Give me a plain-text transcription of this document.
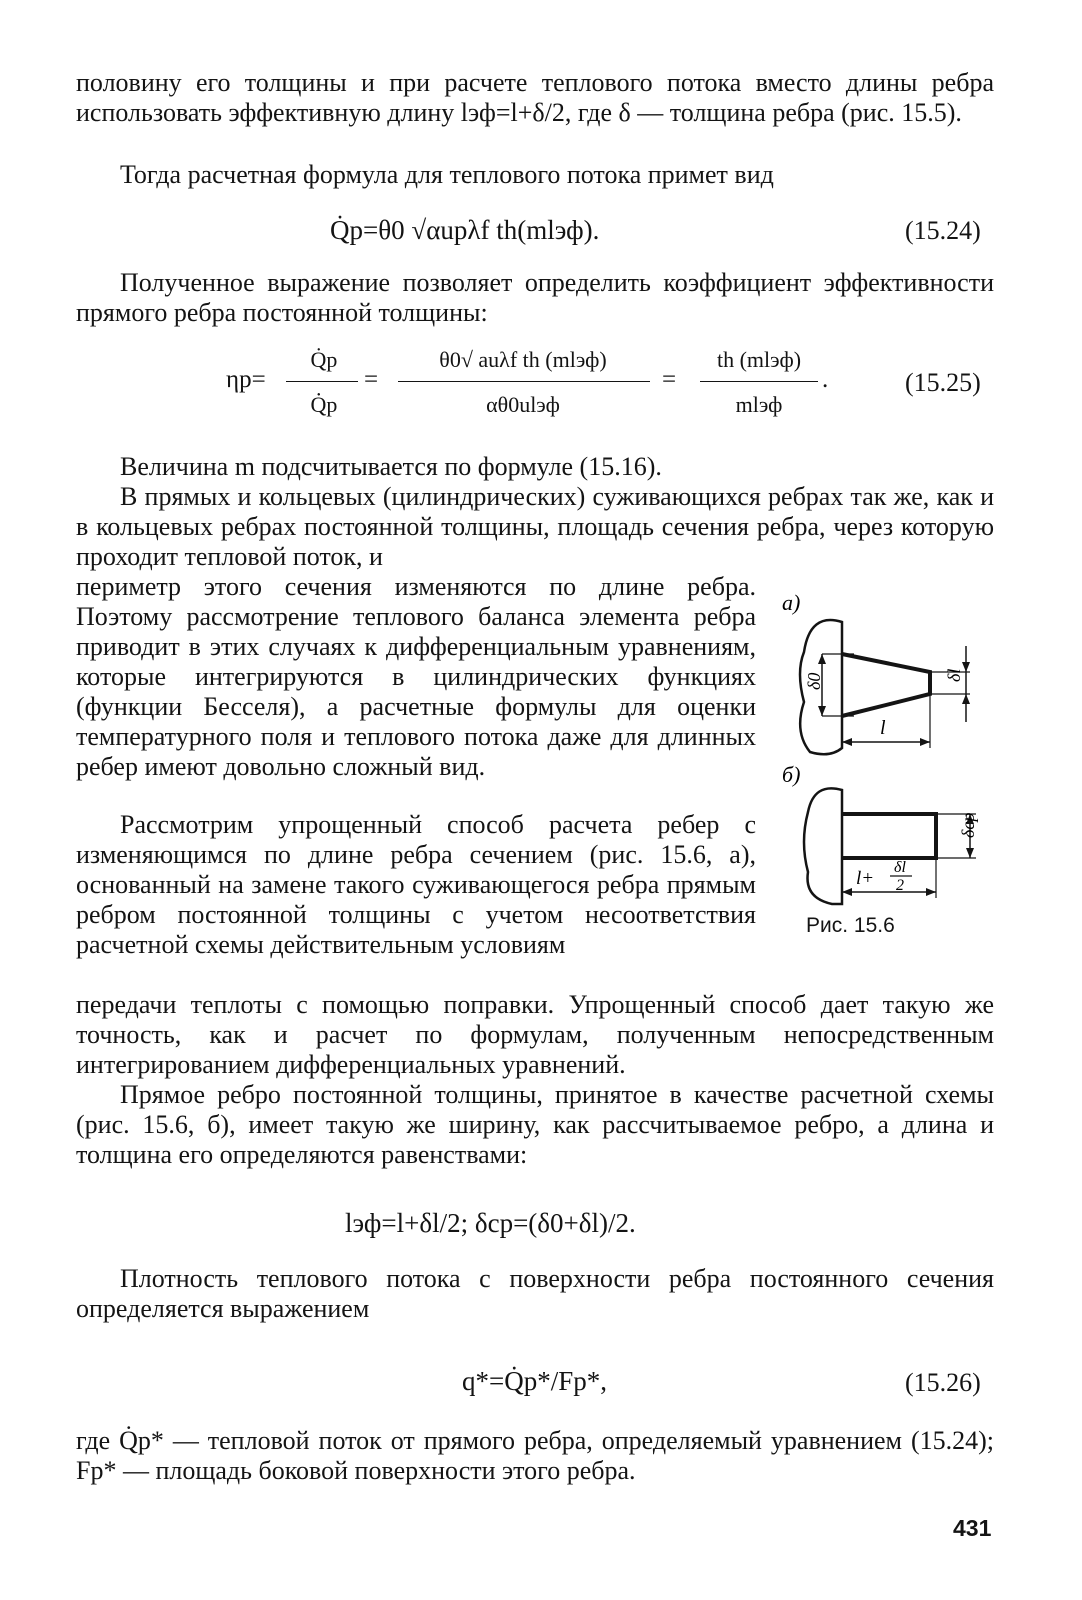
половину его толщины и при расчете теплового потока вместо длины ребра использовать эффективную длину lэф=l+δ/2, где δ — толщина ребра (рис. 15.5).
Тогда расчетная формула для теплового потока примет вид
Q̇р=θ0 √αupλf th(mlэф).	(15.24)
Полученное выражение позволяет определить коэффициент эффективности прямого ребра постоянной толщины:
ηр=
Q̇р
Q̇̇р
=
θ0√ auλf th (mlэф)
αθ0ulэф
=
th (mlэф)
mlэф
.	(15.25)
Величина m подсчитывается по формуле (15.16).
В прямых и кольцевых (цилиндрических) суживающихся ребрах так же, как и в кольцевых ребрах постоянной толщины, площадь сечения ребра, через которую проходит тепловой поток, и
периметр этого сечения изменяются по длине ребра. Поэтому рассмотрение теплового баланса элемента ребра приводит в этих случаях к дифференциальным уравнениям, которые интегрируются в цилиндрических функциях (функции Бесселя), а расчетные формулы для оценки температурного поля и теплового потока даже для длинных ребер имеют довольно сложный вид.
Рассмотрим упрощенный способ расчета ребер с изменяющимся по длине ребра сечением (рис. 15.6, а), основанный на замене такого суживающегося ребра прямым ребром постоянной толщины с учетом несоответствия расчетной схемы действительным условиям
передачи теплоты с помощью поправки. Упрощенный способ дает такую же точность, как и расчет по формулам, полученным непосредственным интегрированием дифференциальных уравнений.
Прямое ребро постоянной толщины, принятое в качестве расчетной схемы (рис. 15.6, б), имеет такую же ширину, как рассчитываемое ребро, а длина и толщина его определяются равенствами:
lэф=l+δl/2; δср=(δ0+δl)/2.
Плотность теплового потока с поверхности ребра постоянного сечения определяется выражением
q*=Q̇р*/Fр*,	(15.26)
где Q̇р* — тепловой поток от прямого ребра, определяемый уравнением (15.24); Fр* — площадь боковой поверхности этого ребра.
а)
δ0	δl
l
б)
δср
l+
δl
2
Рис. 15.6
431
